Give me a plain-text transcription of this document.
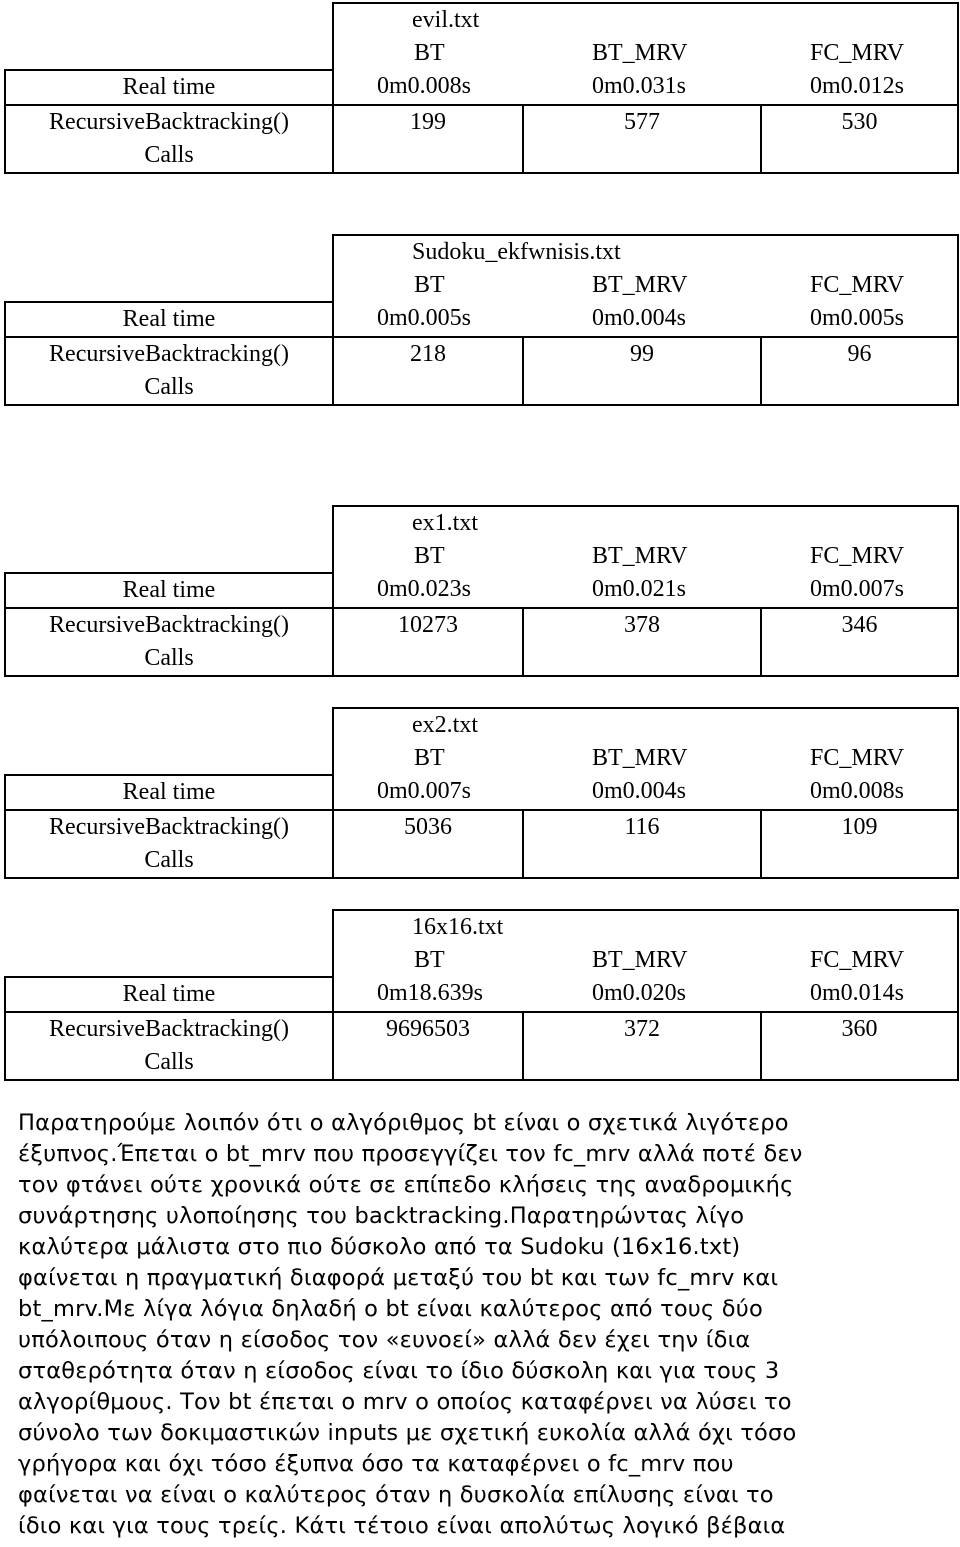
	evil.txt		

	BT BT_MRV FC_MRV		

Real time	0m0.008s 0m0.031s 0m0.012s		

RecursiveBacktracking()
Calls	199	577	530
	Sudoku_ekfwnisis.txt		

	BT BT_MRV FC_MRV		

Real time	0m0.005s 0m0.004s 0m0.005s		

RecursiveBacktracking()
Calls	218	99	96
	ex1.txt		

	BT BT_MRV FC_MRV		

Real time	0m0.023s 0m0.021s 0m0.007s		

RecursiveBacktracking()
Calls	10273	378	346
	ex2.txt		

	BT BT_MRV FC_MRV		

Real time	0m0.007s 0m0.004s 0m0.008s		

RecursiveBacktracking()
Calls	5036	116	109
	16x16.txt		

	BT BT_MRV FC_MRV		

Real time	0m18.639s 0m0.020s 0m0.014s		

RecursiveBacktracking()
Calls	9696503	372	360
Παρατηρούμε λοιπόν ότι ο αλγόριθμος bt είναι ο σχετικά λιγότερο
έξυπνος.Έπεται ο bt_mrv που προσεγγίζει τον fc_mrv αλλά ποτέ δεν
τον φτάνει ούτε χρονικά ούτε σε επίπεδο κλήσεις της αναδρομικής
συνάρτησης υλοποίησης του backtracking.Παρατηρώντας λίγο
καλύτερα μάλιστα στο πιο δύσκολο από τα Sudoku (16x16.txt)
φαίνεται η πραγματική διαφορά μεταξύ του bt και των fc_mrv και
bt_mrv.Με λίγα λόγια δηλαδή ο bt είναι καλύτερος από τους δύο
υπόλοιπους όταν η είσοδος τον «ευνοεί» αλλά δεν έχει την ίδια
σταθερότητα όταν η είσοδος είναι το ίδιο δύσκολη και για τους 3
αλγορίθμους. Τον bt έπεται ο mrv ο οποίος καταφέρνει να λύσει το
σύνολο των δοκιμαστικών inputs με σχετική ευκολία αλλά όχι τόσο
γρήγορα και όχι τόσο έξυπνα όσο τα καταφέρνει ο fc_mrv που
φαίνεται να είναι ο καλύτερος όταν η δυσκολία επίλυσης είναι το
ίδιο και για τους τρείς. Κάτι τέτοιο είναι απολύτως λογικό βέβαια
